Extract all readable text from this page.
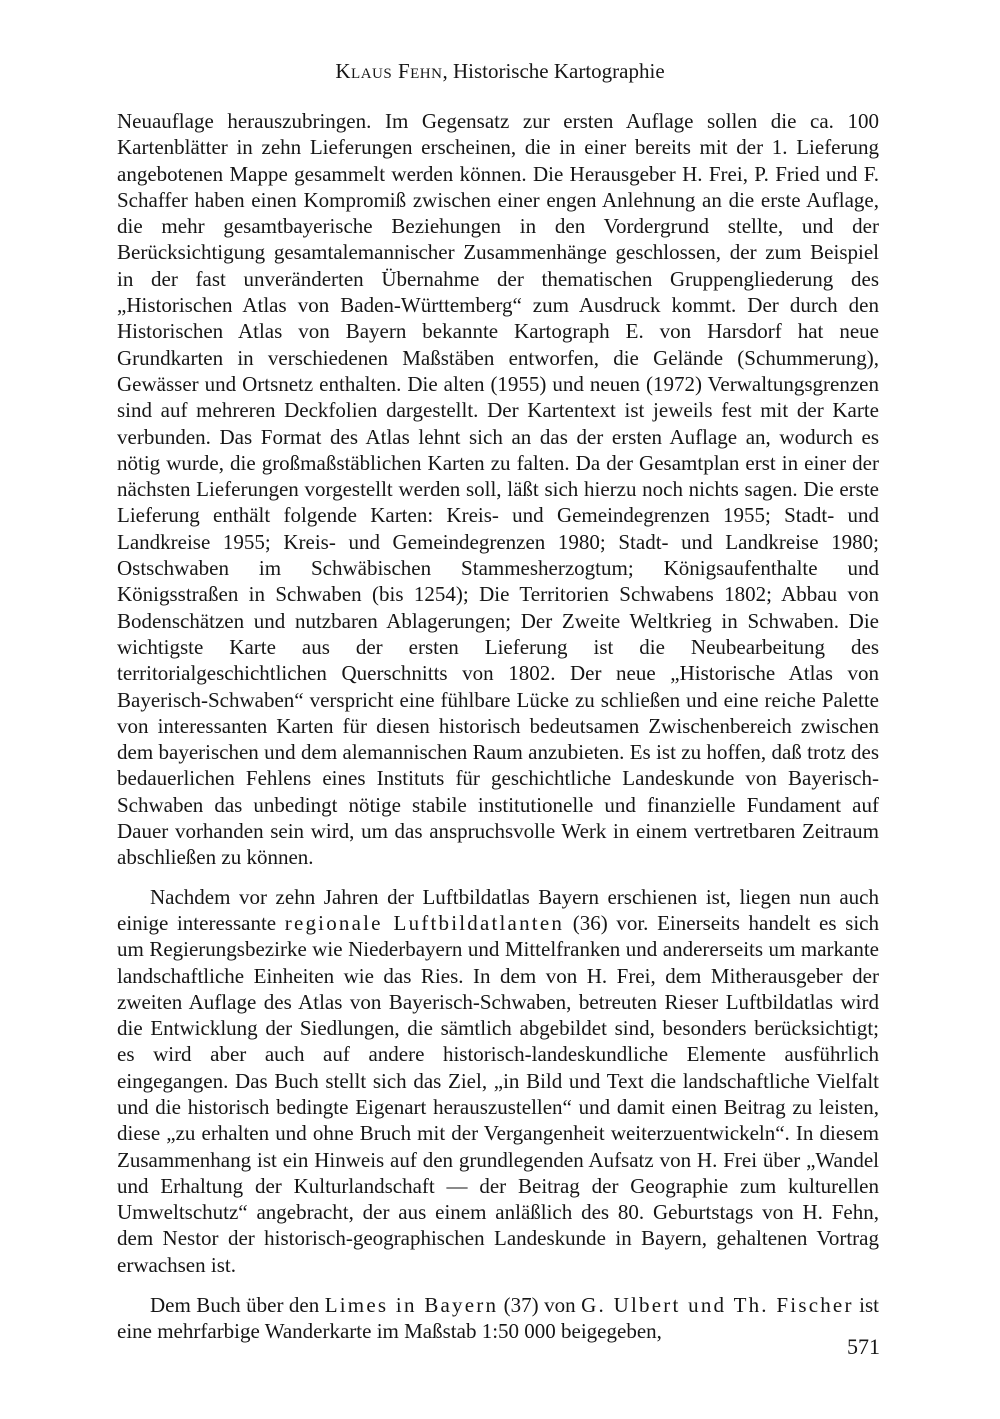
Klaus Fehn, Historische Kartographie

Neuauflage herauszubringen. Im Gegensatz zur ersten Auflage sollen die ca. 100 Kartenblätter in zehn Lieferungen erscheinen, die in einer bereits mit der 1. Lieferung angebotenen Mappe gesammelt werden können. Die Herausgeber H. Frei, P. Fried und F. Schaffer haben einen Kompromiß zwischen einer engen Anlehnung an die erste Auflage, die mehr gesamtbayerische Beziehungen in den Vordergrund stellte, und der Berücksichtigung gesamtalemannischer Zusammenhänge geschlossen, der zum Beispiel in der fast unveränderten Übernahme der thematischen Gruppengliederung des „Historischen Atlas von Baden-Württemberg“ zum Ausdruck kommt. Der durch den Historischen Atlas von Bayern bekannte Kartograph E. von Harsdorf hat neue Grundkarten in verschiedenen Maßstäben entworfen, die Gelände (Schummerung), Gewässer und Ortsnetz enthalten. Die alten (1955) und neuen (1972) Verwaltungsgrenzen sind auf mehreren Deckfolien dargestellt. Der Kartentext ist jeweils fest mit der Karte verbunden. Das Format des Atlas lehnt sich an das der ersten Auflage an, wodurch es nötig wurde, die großmaßstäblichen Karten zu falten. Da der Gesamtplan erst in einer der nächsten Lieferungen vorgestellt werden soll, läßt sich hierzu noch nichts sagen. Die erste Lieferung enthält folgende Karten: Kreis- und Gemeindegrenzen 1955; Stadt- und Landkreise 1955; Kreis- und Gemeindegrenzen 1980; Stadt- und Landkreise 1980; Ostschwaben im Schwäbischen Stammesherzogtum; Königsaufenthalte und Königsstraßen in Schwaben (bis 1254); Die Territorien Schwabens 1802; Abbau von Bodenschätzen und nutzbaren Ablagerungen; Der Zweite Weltkrieg in Schwaben. Die wichtigste Karte aus der ersten Lieferung ist die Neubearbeitung des territorialgeschichtlichen Querschnitts von 1802. Der neue „Historische Atlas von Bayerisch-Schwaben“ verspricht eine fühlbare Lücke zu schließen und eine reiche Palette von interessanten Karten für diesen historisch bedeutsamen Zwischenbereich zwischen dem bayerischen und dem alemannischen Raum anzubieten. Es ist zu hoffen, daß trotz des bedauerlichen Fehlens eines Instituts für geschichtliche Landeskunde von Bayerisch-Schwaben das unbedingt nötige stabile institutionelle und finanzielle Fundament auf Dauer vorhanden sein wird, um das anspruchsvolle Werk in einem vertretbaren Zeitraum abschließen zu können.

Nachdem vor zehn Jahren der Luftbildatlas Bayern erschienen ist, liegen nun auch einige interessante regionale Luftbildatlanten (36) vor. Einerseits handelt es sich um Regierungsbezirke wie Niederbayern und Mittelfranken und andererseits um markante landschaftliche Einheiten wie das Ries. In dem von H. Frei, dem Mitherausgeber der zweiten Auflage des Atlas von Bayerisch-Schwaben, betreuten Rieser Luftbildatlas wird die Entwicklung der Siedlungen, die sämtlich abgebildet sind, besonders berücksichtigt; es wird aber auch auf andere historisch-landeskundliche Elemente ausführlich eingegangen. Das Buch stellt sich das Ziel, „in Bild und Text die landschaftliche Vielfalt und die historisch bedingte Eigenart herauszustellen“ und damit einen Beitrag zu leisten, diese „zu erhalten und ohne Bruch mit der Vergangenheit weiterzuentwickeln“. In diesem Zusammenhang ist ein Hinweis auf den grundlegenden Aufsatz von H. Frei über „Wandel und Erhaltung der Kulturlandschaft — der Beitrag der Geographie zum kulturellen Umweltschutz“ angebracht, der aus einem anläßlich des 80. Geburtstags von H. Fehn, dem Nestor der historisch-geographischen Landeskunde in Bayern, gehaltenen Vortrag erwachsen ist.

Dem Buch über den Limes in Bayern (37) von G. Ulbert und Th. Fischer ist eine mehrfarbige Wanderkarte im Maßstab 1:50 000 beigegeben,

571
